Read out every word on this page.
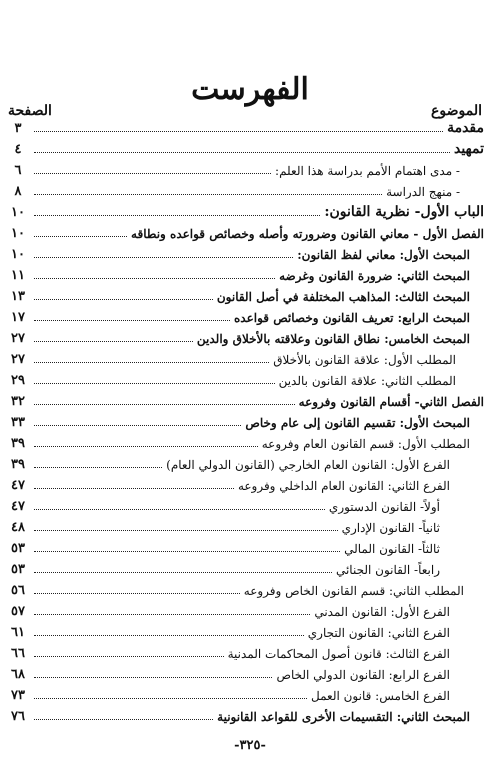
الفهرست
الموضوع
الصفحة
مقدمة
٣
تمهيد
٤
- مدى اهتمام الأمم بدراسة هذا العلم:
٦
- منهج الدراسة
٨
الباب الأول- نظرية القانون:
١٠
الفصل الأول - معاني القانون وضرورته وأصله وخصائص قواعده ونطاقه
١٠
المبحث الأول: معاني لفظ القانون:
١٠
المبحث الثاني: ضرورة القانون وغرضه
١١
المبحث الثالث: المذاهب المختلفة في أصل القانون
١٣
المبحث الرابع: تعريف القانون وخصائص قواعده
١٧
المبحث الخامس: نطاق القانون وعلاقته بالأخلاق والدين
٢٧
المطلب الأول: علاقة القانون بالأخلاق
٢٧
المطلب الثاني: علاقة القانون بالدين
٢٩
الفصل الثاني- أقسام القانون وفروعه
٣٢
المبحث الأول: تقسيم القانون إلى عام وخاص
٣٣
المطلب الأول: قسم القانون العام وفروعه
٣٩
الفرع الأول: القانون العام الخارجي (القانون الدولي العام)
٣٩
الفرع الثاني: القانون العام الداخلي وفروعه
٤٧
أولاً- القانون الدستوري
٤٧
ثانياً- القانون الإداري
٤٨
ثالثاً- القانون المالي
٥٣
رابعاً- القانون الجنائي
٥٣
المطلب الثاني: قسم القانون الخاص وفروعه
٥٦
الفرع الأول: القانون المدني
٥٧
الفرع الثاني: القانون التجاري
٦١
الفرع الثالث: قانون أصول المحاكمات المدنية
٦٦
الفرع الرابع: القانون الدولي الخاص
٦٨
الفرع الخامس: قانون العمل
٧٣
المبحث الثاني: التقسيمات الأخرى للقواعد القانونية
٧٦
-٣٢٥-
